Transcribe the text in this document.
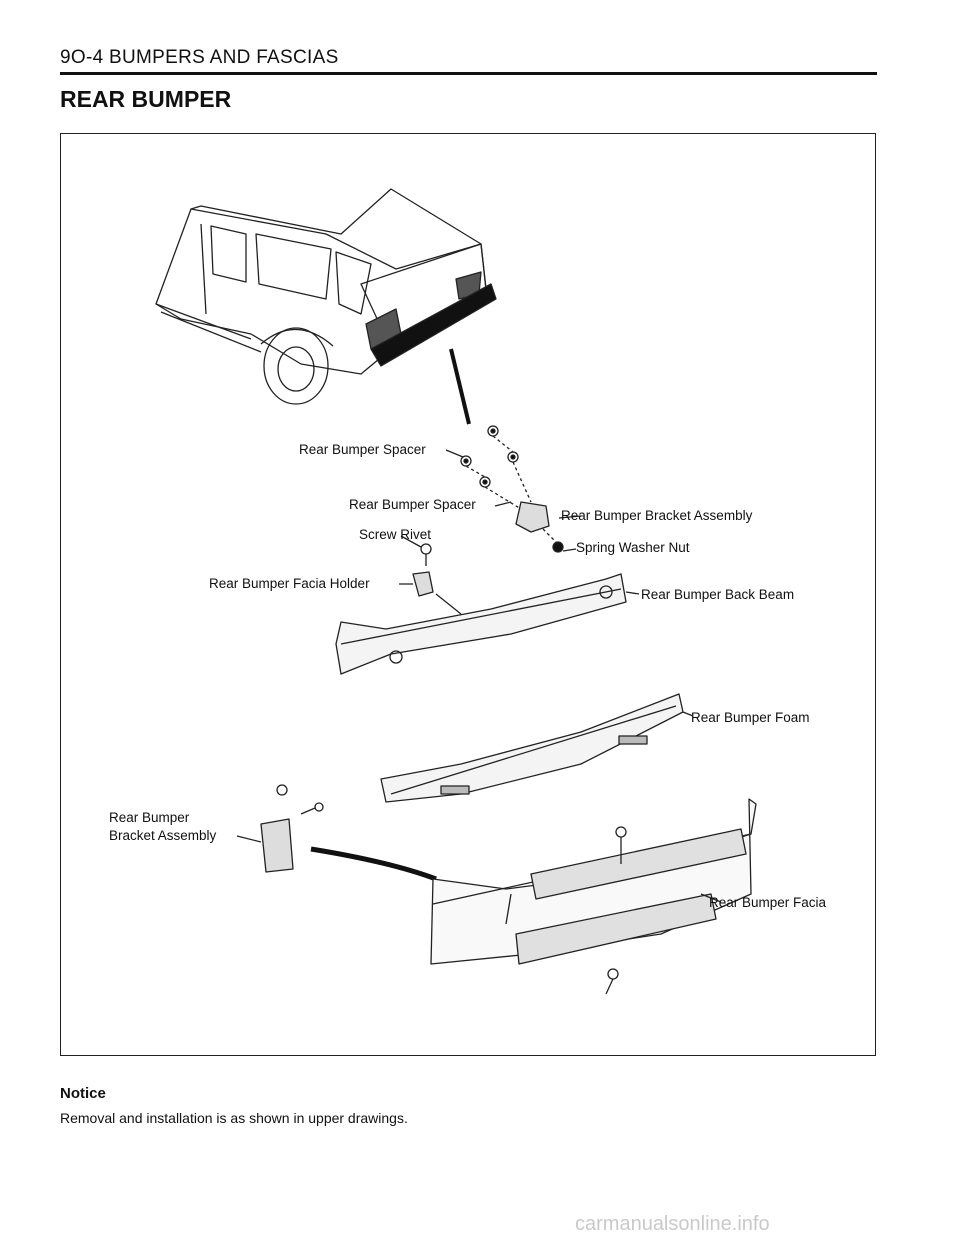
9O-4 BUMPERS AND FASCIAS
REAR BUMPER
Rear Bumper Spacer
Rear Bumper Spacer
Rear Bumper Bracket Assembly
Screw Rivet
Spring Washer Nut
Rear Bumper Facia Holder
Rear Bumper Back Beam
Rear Bumper Foam
Rear Bumper
Bracket Assembly
Rear Bumper Facia
Notice
Removal and installation is as shown in upper drawings.
carmanualsonline.info
